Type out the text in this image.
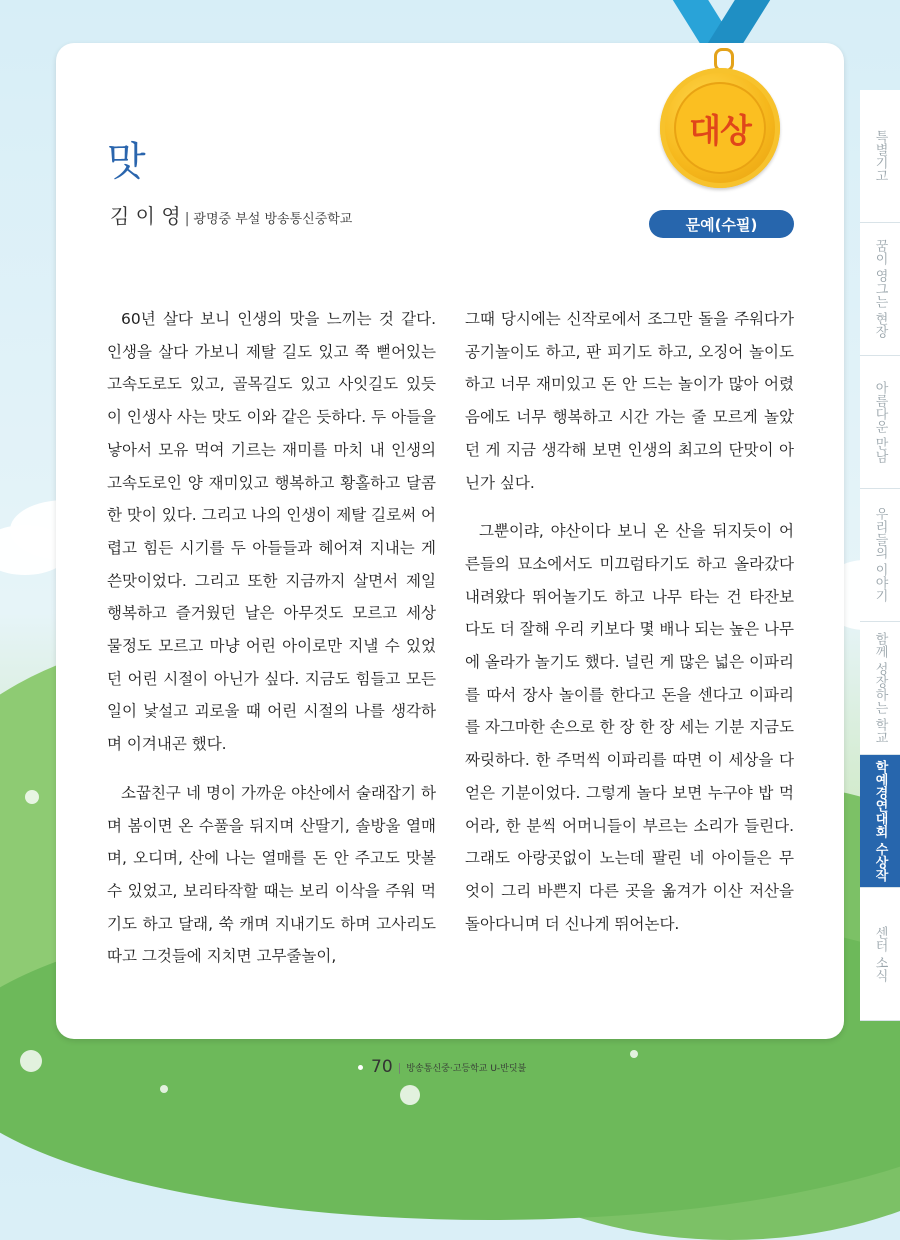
대상
문예(수필)
맛
김 이 영 | 광명중 부설 방송통신중학교

60년 살다 보니 인생의 맛을 느끼는 것 같다. 인생을 살다 가보니 제탈 길도 있고 쭉 뻗어있는 고속도로도 있고, 골목길도 있고 사잇길도 있듯이 인생사 사는 맛도 이와 같은 듯하다. 두 아들을 낳아서 모유 먹여 기르는 재미를 마치 내 인생의 고속도로인 양 재미있고 행복하고 황홀하고 달콤한 맛이 있다. 그리고 나의 인생이 제탈 길로써 어렵고 힘든 시기를 두 아들들과 헤어져 지내는 게 쓴맛이었다. 그리고 또한 지금까지 살면서 제일 행복하고 즐거웠던 날은 아무것도 모르고 세상 물정도 모르고 마냥 어린 아이로만 지낼 수 있었던 어린 시절이 아닌가 싶다. 지금도 힘들고 모든 일이 낯설고 괴로울 때 어린 시절의 나를 생각하며 이겨내곤 했다.

소꿉친구 네 명이 가까운 야산에서 술래잡기 하며 봄이면 온 수풀을 뒤지며 산딸기, 솔방울 열매며, 오디며, 산에 나는 열매를 돈 안 주고도 맛볼 수 있었고, 보리타작할 때는 보리 이삭을 주워 먹기도 하고 달래, 쑥 캐며 지내기도 하며 고사리도 따고 그것들에 지치면 고무줄놀이,

그때 당시에는 신작로에서 조그만 돌을 주워다가 공기놀이도 하고, 판 피기도 하고, 오징어 놀이도 하고 너무 재미있고 돈 안 드는 놀이가 많아 어렸음에도 너무 행복하고 시간 가는 줄 모르게 놀았던 게 지금 생각해 보면 인생의 최고의 단맛이 아닌가 싶다.

그뿐이랴, 야산이다 보니 온 산을 뒤지듯이 어른들의 묘소에서도 미끄럼타기도 하고 올라갔다 내려왔다 뛰어놀기도 하고 나무 타는 건 타잔보다도 더 잘해 우리 키보다 몇 배나 되는 높은 나무에 올라가 놀기도 했다. 널린 게 많은 넓은 이파리를 따서 장사 놀이를 한다고 돈을 센다고 이파리를 자그마한 손으로 한 장 한 장 세는 기분 지금도 짜릿하다. 한 주먹씩 이파리를 따면 이 세상을 다 얻은 기분이었다. 그렇게 놀다 보면 누구야 밥 먹어라, 한 분씩 어머니들이 부르는 소리가 들린다. 그래도 아랑곳없이 노는데 팔린 네 아이들은 무엇이 그리 바쁜지 다른 곳을 옮겨가 이산 저산을 돌아다니며 더 신나게 뛰어논다.

특별기고
꿈이 영그는 현장
아름다운 만남
우리들의 이야기
함께 성장하는 학교
학예경연대회 수상작
센터 소식
70 | 방송통신중·고등학교 U-반딧불
